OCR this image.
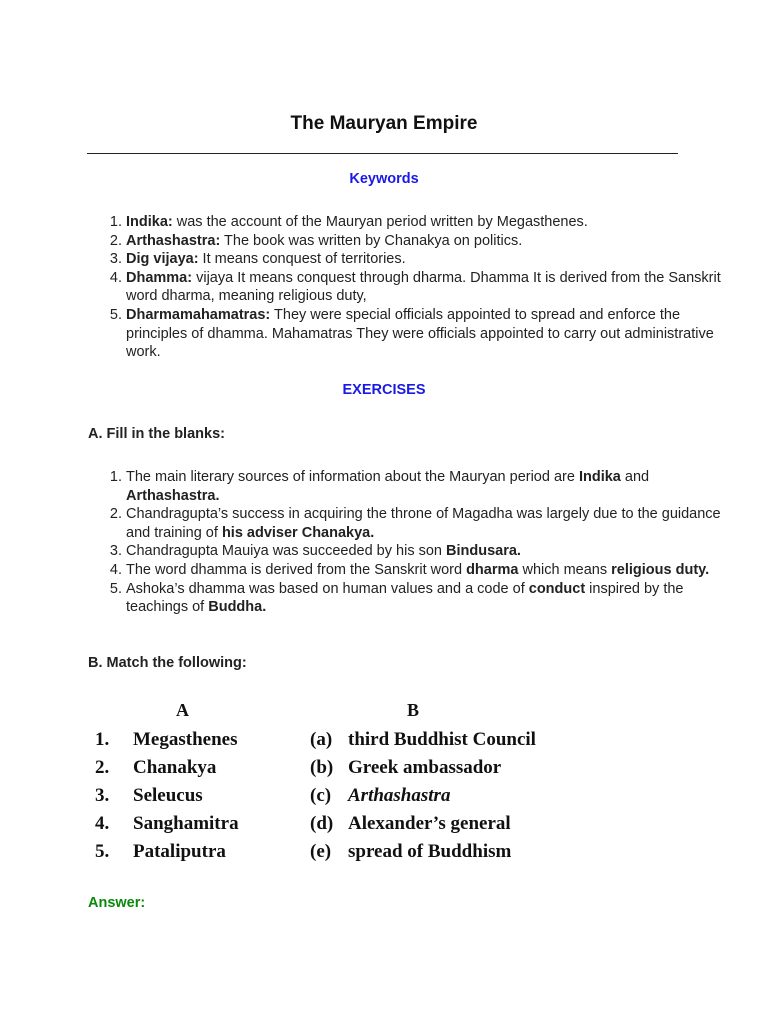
The Mauryan Empire

Keywords

1. Indika: was the account of the Mauryan period written by Megasthenes.
2. Arthashastra: The book was written by Chanakya on politics.
3. Dig vijaya: It means conquest of territories.
4. Dhamma: vijaya It means conquest through dharma. Dhamma It is derived from the Sanskrit word dharma, meaning religious duty,
5. Dharmamahamatras: They were special officials appointed to spread and enforce the principles of dhamma. Mahamatras They were officials appointed to carry out administrative work.

EXERCISES

A. Fill in the blanks:

1. The main literary sources of information about the Mauryan period are Indika and Arthashastra.
2. Chandragupta’s success in acquiring the throne of Magadha was largely due to the guidance and training of his adviser Chanakya.
3. Chandragupta Mauiya was succeeded by his son Bindusara.
4. The word dhamma is derived from the Sanskrit word dharma which means religious duty.
5. Ashoka’s dhamma was based on human values and a code of conduct inspired by the teachings of Buddha.

B. Match the following:

A	B
1. Megasthenes	(a) third Buddhist Council
2. Chanakya	(b) Greek ambassador
3. Seleucus	(c) Arthashastra
4. Sanghamitra	(d) Alexander’s general
5. Pataliputra	(e) spread of Buddhism

Answer:
